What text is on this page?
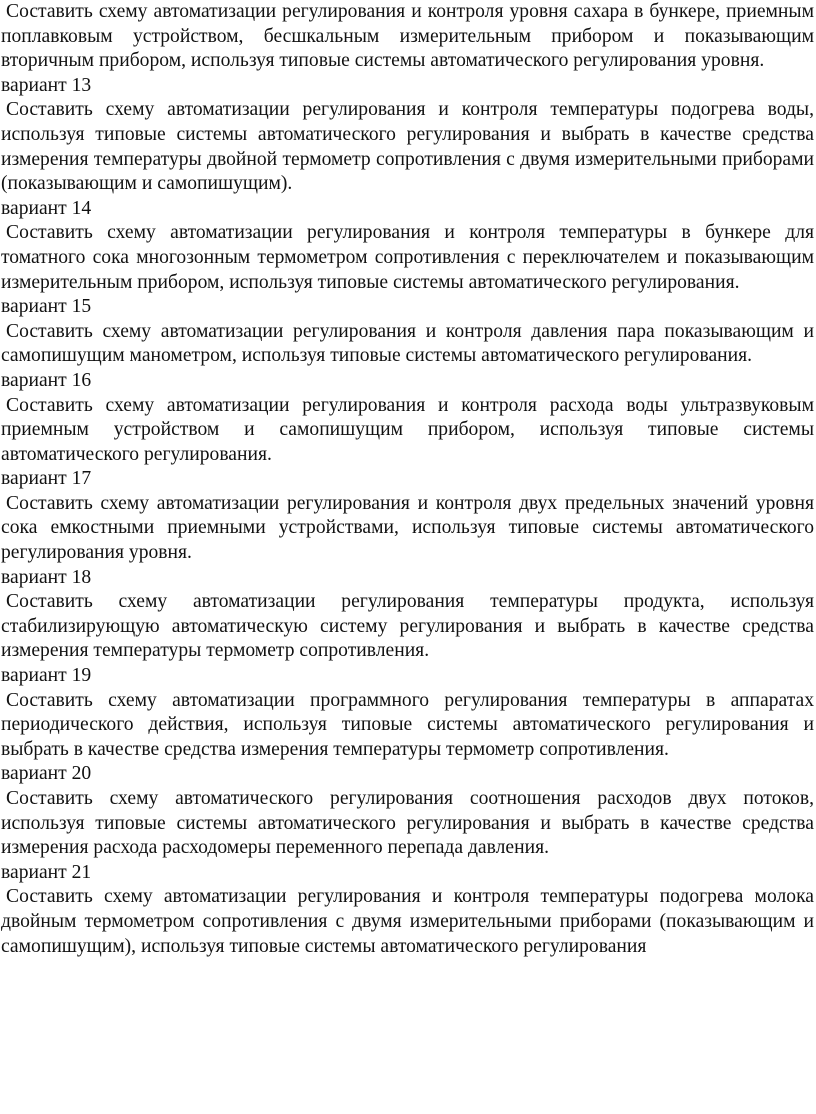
Составить схему автоматизации регулирования и контроля уровня сахара в бункере, приемным поплавковым устройством, бесшкальным измерительным прибором и показывающим вторичным прибором, используя типовые системы автоматического регулирования уровня.

вариант 13

Составить схему автоматизации регулирования и контроля температуры подогрева воды, используя типовые системы автоматического регулирования и выбрать в качестве средства измерения температуры двойной термометр сопротивления с двумя измерительными приборами (показывающим и самопишущим).

вариант 14

Составить схему автоматизации регулирования и контроля температуры в бункере для томатного сока многозонным термометром сопротивления с переключателем и показывающим измерительным прибором, используя типовые системы автоматического регулирования.

вариант 15

Составить схему автоматизации регулирования и контроля давления пара показывающим и самопишущим манометром, используя типовые системы автоматического регулирования.

вариант 16

Составить схему автоматизации регулирования и контроля расхода воды ультразвуковым приемным устройством и самопишущим прибором, используя типовые системы автоматического регулирования.

вариант 17

Составить схему автоматизации регулирования и контроля двух предельных значений уровня сока емкостными приемными устройствами, используя типовые системы автоматического регулирования уровня.

вариант 18

Составить схему автоматизации регулирования температуры продукта, используя стабилизирующую автоматическую систему регулирования и выбрать в качестве средства измерения температуры термометр сопротивления.

вариант 19

Составить схему автоматизации программного регулирования температуры в аппаратах периодического действия, используя типовые системы автоматического регулирования и выбрать в качестве средства измерения температуры термометр сопротивления.

вариант 20

Составить схему автоматического регулирования соотношения расходов двух потоков, используя типовые системы автоматического регулирования и выбрать в качестве средства измерения расхода расходомеры переменного перепада давления.

вариант 21

Составить схему автоматизации регулирования и контроля температуры подогрева молока двойным термометром сопротивления с двумя измерительными приборами (показывающим и самопишущим), используя типовые системы автоматического регулирования
